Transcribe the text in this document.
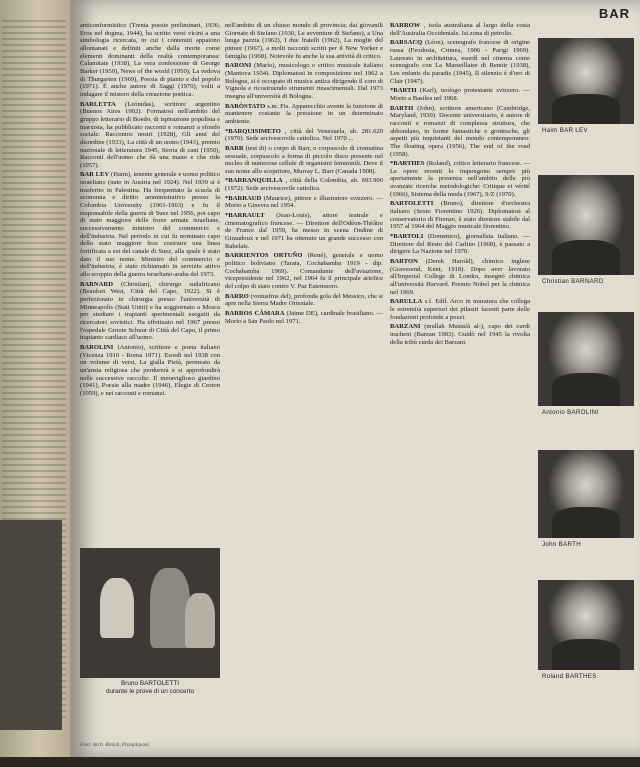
BAR
anticonformistico (Trenta poesie preliminari, 1936; Eros nel dogma, 1944), ha scritto versi vicini a una simbologia ricercata, in cui i contenuti appaiono allontanati e definiti anche dalla morte come elementi dominanti della realtà contemporanea: Calamitate (1938), La vera confessione di George Barker (1950), News of the world (1950), La vedova di Thurgarten (1969), Poesia di pianto e del popolo (1971). È anche autore di Saggi (1970), volti a indagare il mistero della creazione poetica.
BARLETTA (Leónidas), scrittore argentino (Buenos Aires 1902). Formatosi nell'ambito del gruppo letterario di Boedo, di ispirazione populista e marxista, ha pubblicato racconti e romanzi a sfondo sociale: Raccontos nostri (1928), Gli anni del disordine (1933), La città di un uomo (1943), premio nazionale di letteratura 1945, Storia di cani (1950), Raccontí dell'uomo che dà una mano e che ride (1957).
BAR LEV (Haim), tenente generale e uomo politico israeliano (nato in Austria nel 1924). Nel 1939 si è trasferito in Palestina. Ha frequentato la scuola di economia e diritto amministrativo presso la Colombia University (1961-1963) e fu il responsabile della guerra di Suez nel 1956, poi capo di stato maggiore delle forze armate israeliane, successivamente ministro del commercio e dell'industria. Nel periodo in cui fu nominato capo dello stato maggiore fece costruire una linea fortificata a est del canale di Suez, alla quale è stato dato il suo nome. Ministro del commercio e dell'industria, è stato richiamato in servizio attivo allo scoppio della guerra israeliano-araba del 1973.
BARNARD (Christian), chirurgo sudafricano (Beaufort West, Città del Capo, 1922). Si è perfezionato in chirurgia presso l'università di Minneapolis (Stati Uniti) e ha soggiornato a Mosca per studiare i trapianti sperimentali eseguiti da ricercatori sovietici. Ha effettuato nel 1967 presso l'ospedale Groote Schuur di Città del Capo, il primo trapianto cardiaco all'uomo.
BAROLINI (Antonio), scrittore e poeta italiano (Vicenza 1910 - Roma 1971). Esordi nel 1938 con un volume di versi, La gialla Pietà, permeato da un'ansia religiosa che perdurerà e si approfondirà nelle successive raccolte: Il meraviglioso giardino (1941), Poesie alla madre (1946), Elegie di Croton (1959), e nei racconti e romanzi.
Bruno BARTOLETTI
durante le prove di un concerto
nell'ambito di un chiuso mondo di provincia; dai giovanili Giornate di Stefano (1930, Le avventure di Stefano), a Una lunga pazzia (1962), I due fratelli (1962), La moglie del pittore (1967), a molti racconti scritti per il New Yorker e famiglia (1968). Notevole fu anche la sua attività di critico.
BARONI (Mario), musicologo e critico musicale italiano (Mantova 1934). Diplomatosi in composizione nel 1962 a Bologna, si è occupato di musica antica dirigendo il coro di Vignola e ricostruendo strumenti rinascimentali. Dal 1973 insegna all'università di Bologna.
BARÒSTATO s.m. Fis. Apparecchio avente la funzione di mantenere costante la pressione in un determinato ambiente.
*BARQUISIMETO , città del Venezuela, ab. 281.620 (1970). Sede arcivescovile cattolica. Nel 1970 ...
BARR (test di) o corpo di Barr, o corpuscolo di cromatina sessuale, corpuscolo a forma di piccolo disco presente nel nucleo di numerose cellule di organismi femminili. Deve il suo nome allo scopritore, Murray L. Barr (Canada 1908).
*BARRANQUILLA , città della Colombia, ab. 693.900 (1972). Sede arcivescovile cattolica.
*BARRAUD (Maurice), pittore e illustratore svizzero. — Morto a Ginevra nel 1954.
*BARRAULT (Jean-Louis), attore teatrale e cinematografico francese. — Direttore dell'Odéon-Théâtre de France dal 1959, ha messo in scena Ondine di Giraudoux e nel 1971 ha ottenuto un grande successo con Rabelais.
BARRIENTOS ORTUÑO (René), generale e uomo politico boliviano (Tarata, Cochabamba 1919 - dip. Cochabamba 1969). Comandante dell'aviazione, vicepresidente nel 1962, nel 1964 fu il principale artefice del colpo di stato contro V. Paz Estenssoro.
BARRO (vonusfrus del), profonda gola del Messico, che si apre nella Sierra Madre Orientale.
BARROS CÂMARA (Jaime DE), cardinale brasiliano. — Morto a San Paolo nel 1971.
BARROW , isola australiana al largo della costa dell'Australia Occidentale. Ist.zona di petrolio.
BARSACQ (Léon), scenografo francese di origine russa (Feodosia, Crimea, 1906 - Parigi 1969). Laureato in architettura, esordì nel cinema come scenografo con La Marseillaise di Renoir (1938), Les enfants du paradis (1945), Il silenzio è d'oro di Clair (1947).
*BARTH (Karl), teologo protestante svizzero. — Morto a Basilea nel 1968.
BARTH (John), scrittore americano (Cambridge, Maryland, 1930). Docente universitario, è autore di racconti e romanzi di complessa struttura, che abbondano, in forme fantastiche e grottesche, gli aspetti più inquietanti del mondo contemporaneo: The floating opera (1956), The end of the road (1958).
*BARTHES (Roland), critico letterario francese. — Le opere recenti lo impongono sempre più apertamente la presenza nell'ambito delle più avanzate ricerche metodologiche: Critique et vérité (1966), Sistema della moda (1967), S/Z (1970).
BARTOLETTI (Bruno), direttore d'orchestra italiano (Sesto Fiorentino 1926). Diplomatosi al conservatorio di Firenze, è stato direttore stabile dal 1957 al 1964 del Maggio musicale fiorentino.
*BARTOLI (Domenico), giornalista italiano. — Direttore del Resto del Carlino (1968), è passato a dirigere La Nazione nel 1970.
BARTON (Derek Harold), chimico inglese (Gravesend, Kent, 1918). Dopo aver lavorato all'Imperial College di Londra, insegnò chimica all'università Harvard. Premio Nobel per la chimica nel 1969.
BARULLA s.f. Edil. Arco in muratura che collega le estremità superiori dei pilastri facenti parte delle fondazioni profonde a pozzi.
BARZANI (mullah Mustafà al-), capo dei curdi iracheni (Barzan 1903). Guidò nel 1945 la rivolta della tribù curda dei Barzani.
Haim BAR LEV
Christian BARNARD
Antonio BAROLINI
John BARTH
Roland BARTHES
Foto: Arch. Rizzoli, Pizzaplayani,
